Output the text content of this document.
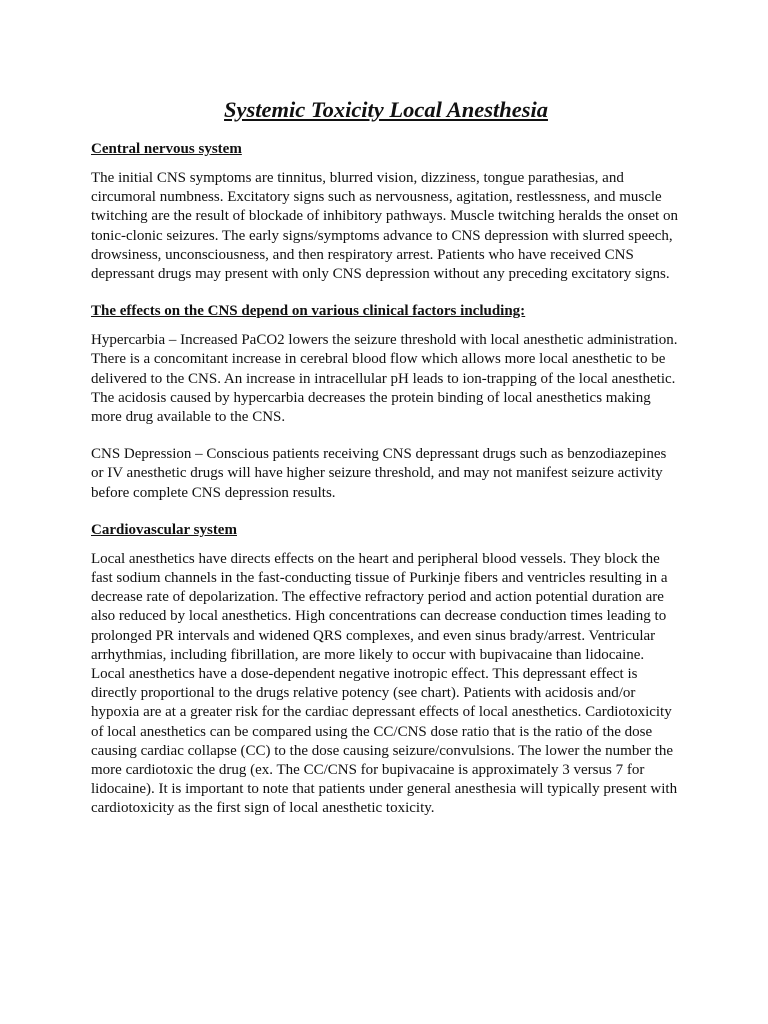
Systemic Toxicity Local Anesthesia
Central nervous system

The initial CNS symptoms are tinnitus, blurred vision, dizziness, tongue parathesias, and circumoral numbness. Excitatory signs such as nervousness, agitation, restlessness, and muscle twitching are the result of blockade of inhibitory pathways. Muscle twitching heralds the onset on tonic-clonic seizures. The early signs/symptoms advance to CNS depression with slurred speech, drowsiness, unconsciousness, and then respiratory arrest. Patients who have received CNS depressant drugs may present with only CNS depression without any preceding excitatory signs.

The effects on the CNS depend on various clinical factors including:

Hypercarbia – Increased PaCO2 lowers the seizure threshold with local anesthetic administration. There is a concomitant increase in cerebral blood flow which allows more local anesthetic to be delivered to the CNS. An increase in intracellular pH leads to ion-trapping of the local anesthetic. The acidosis caused by hypercarbia decreases the protein binding of local anesthetics making more drug available to the CNS.

CNS Depression – Conscious patients receiving CNS depressant drugs such as benzodiazepines or IV anesthetic drugs will have higher seizure threshold, and may not manifest seizure activity before complete CNS depression results.

Cardiovascular system

Local anesthetics have directs effects on the heart and peripheral blood vessels. They block the fast sodium channels in the fast-conducting tissue of Purkinje fibers and ventricles resulting in a decrease rate of depolarization. The effective refractory period and action potential duration are also reduced by local anesthetics. High concentrations can decrease conduction times leading to prolonged PR intervals and widened QRS complexes, and even sinus brady/arrest. Ventricular arrhythmias, including fibrillation, are more likely to occur with bupivacaine than lidocaine. Local anesthetics have a dose-dependent negative inotropic effect. This depressant effect is directly proportional to the drugs relative potency (see chart). Patients with acidosis and/or hypoxia are at a greater risk for the cardiac depressant effects of local anesthetics. Cardiotoxicity of local anesthetics can be compared using the CC/CNS dose ratio that is the ratio of the dose causing cardiac collapse (CC) to the dose causing seizure/convulsions. The lower the number the more cardiotoxic the drug (ex. The CC/CNS for bupivacaine is approximately 3 versus 7 for lidocaine). It is important to note that patients under general anesthesia will typically present with cardiotoxicity as the first sign of local anesthetic toxicity.
